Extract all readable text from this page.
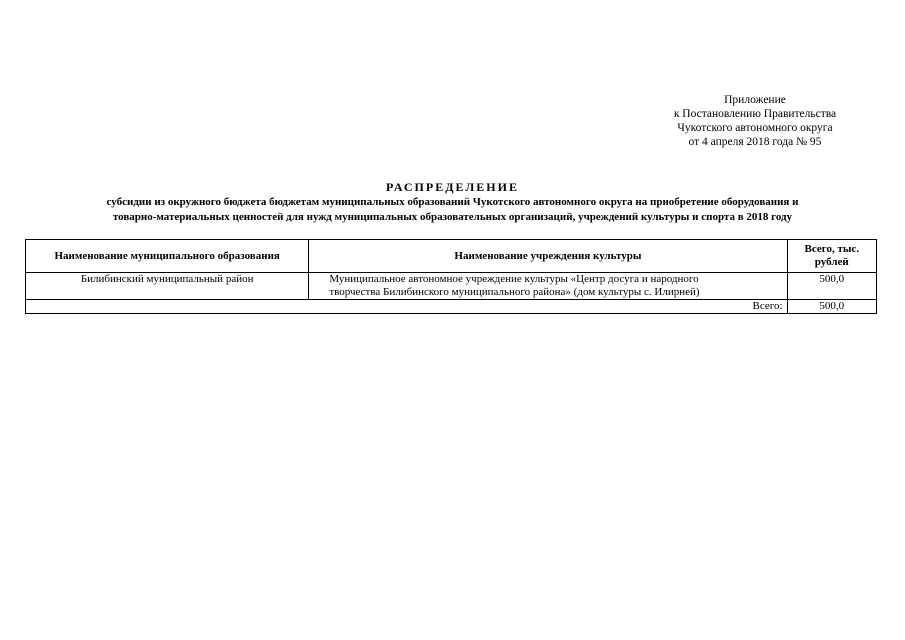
Приложение
к Постановлению Правительства
Чукотского автономного округа
от 4 апреля 2018 года № 95
РАСПРЕДЕЛЕНИЕ
субсидии из окружного бюджета бюджетам муниципальных образований Чукотского автономного округа на приобретение оборудования и
товарно-материальных ценностей для нужд муниципальных образовательных организаций, учреждений культуры и спорта в 2018 году
Наименование муниципального образования	Наименование учреждения культуры	Всего, тыс.
рублей

Билибинский муниципальный район	Муниципальное автономное учреждение культуры «Центр досуга и народного
творчества Билибинского муниципального района» (дом культуры с. Илирней)	500,0
Всего:		500,0
